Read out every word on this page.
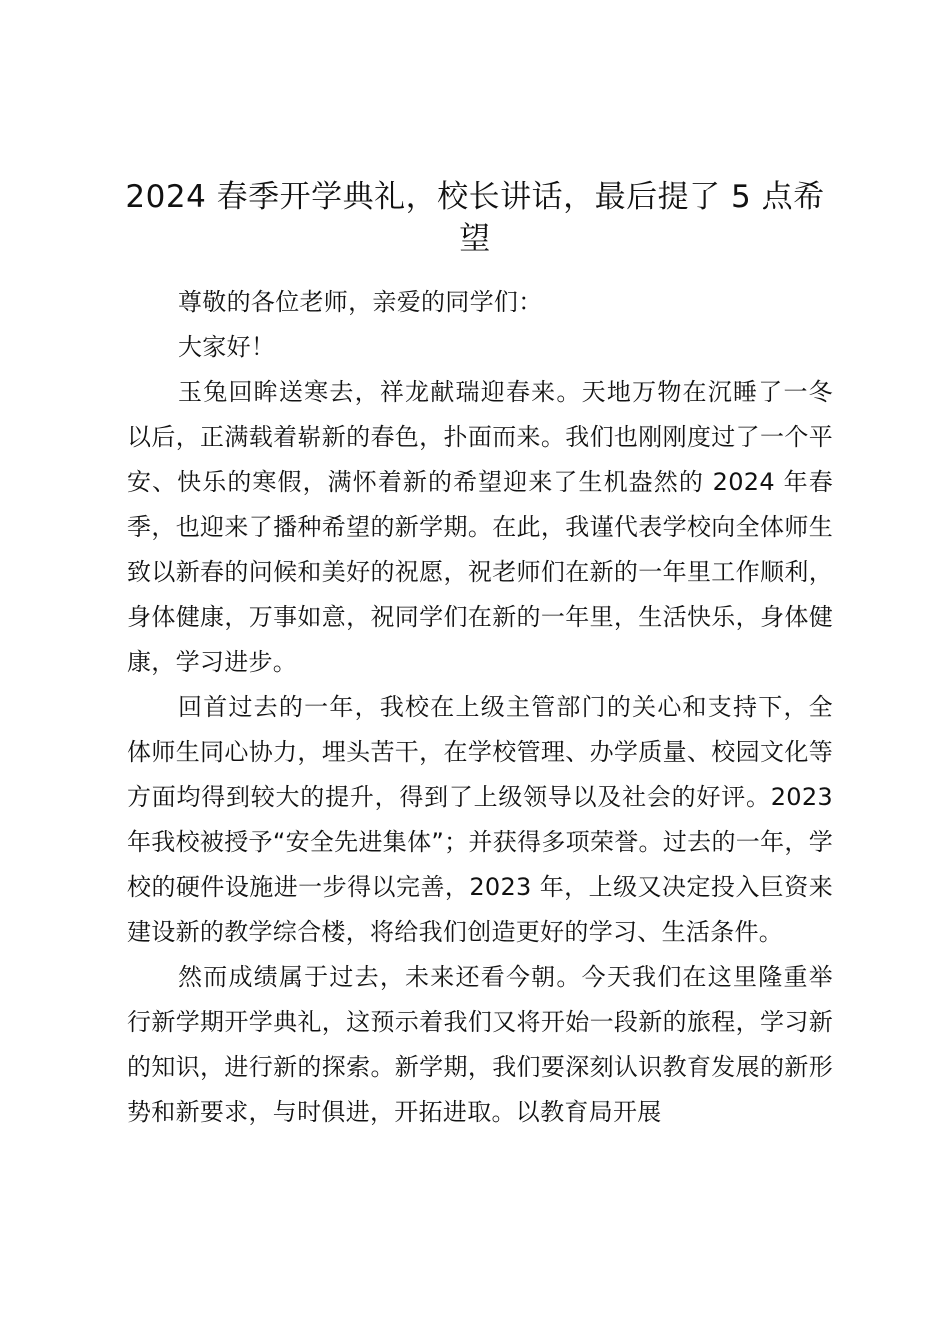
2024 春季开学典礼，校长讲话，最后提了 5 点希望

尊敬的各位老师，亲爱的同学们：

大家好！

玉兔回眸送寒去，祥龙献瑞迎春来。天地万物在沉睡了一冬以后，正满载着崭新的春色，扑面而来。我们也刚刚度过了一个平安、快乐的寒假，满怀着新的希望迎来了生机盎然的 2024 年春季，也迎来了播种希望的新学期。在此，我谨代表学校向全体师生致以新春的问候和美好的祝愿，祝老师们在新的一年里工作顺利，身体健康，万事如意，祝同学们在新的一年里，生活快乐，身体健康，学习进步。

回首过去的一年，我校在上级主管部门的关心和支持下，全体师生同心协力，埋头苦干，在学校管理、办学质量、校园文化等方面均得到较大的提升，得到了上级领导以及社会的好评。2023 年我校被授予“安全先进集体”；并获得多项荣誉。过去的一年，学校的硬件设施进一步得以完善，2023 年，上级又决定投入巨资来建设新的教学综合楼，将给我们创造更好的学习、生活条件。

然而成绩属于过去，未来还看今朝。今天我们在这里隆重举行新学期开学典礼，这预示着我们又将开始一段新的旅程，学习新的知识，进行新的探索。新学期，我们要深刻认识教育发展的新形势和新要求，与时俱进，开拓进取。以教育局开展
